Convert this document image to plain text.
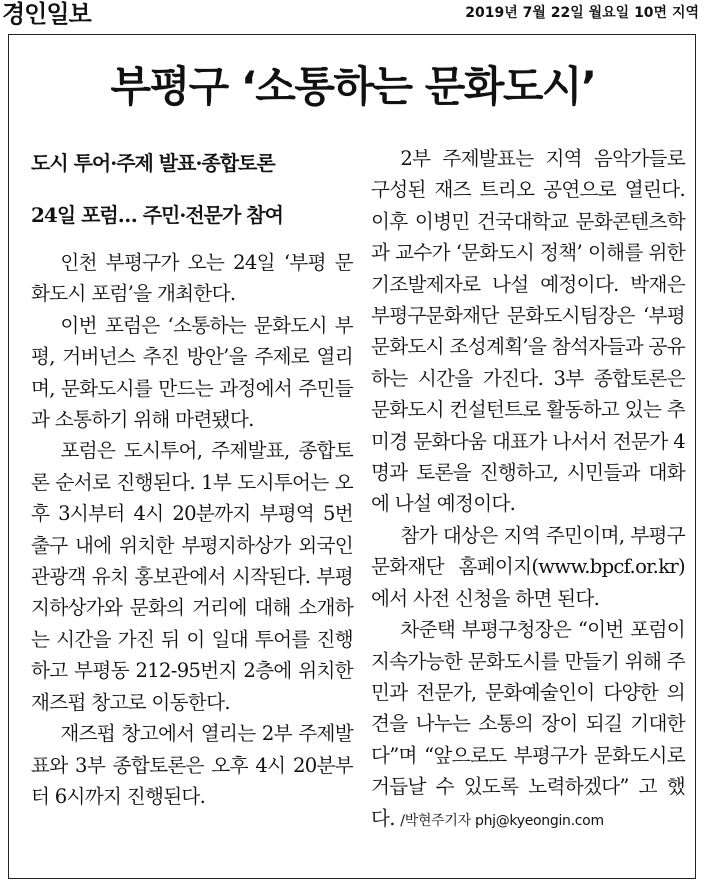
경인일보	2019년 7월 22일 월요일 10면 지역
부평구 ‘소통하는 문화도시’

도시 투어·주제 발표·종합토론

24일 포럼… 주민·전문가 참여

인천 부평구가 오는 24일 ‘부평 문화도시 포럼’을 개최한다.

이번 포럼은 ‘소통하는 문화도시 부평, 거버넌스 추진 방안’을 주제로 열리며, 문화도시를 만드는 과정에서 주민들과 소통하기 위해 마련됐다.

포럼은 도시투어, 주제발표, 종합토론 순서로 진행된다. 1부 도시투어는 오후 3시부터 4시 20분까지 부평역 5번 출구 내에 위치한 부평지하상가 외국인 관광객 유치 홍보관에서 시작된다. 부평지하상가와 문화의 거리에 대해 소개하는 시간을 가진 뒤 이 일대 투어를 진행하고 부평동 212-95번지 2층에 위치한 재즈펍 창고로 이동한다.

재즈펍 창고에서 열리는 2부 주제발표와 3부 종합토론은 오후 4시 20분부터 6시까지 진행된다.

2부 주제발표는 지역 음악가들로 구성된 재즈 트리오 공연으로 열린다. 이후 이병민 건국대학교 문화콘텐츠학과 교수가 ‘문화도시 정책’ 이해를 위한 기조발제자로 나설 예정이다. 박재은 부평구문화재단 문화도시팀장은 ‘부평 문화도시 조성계획’을 참석자들과 공유하는 시간을 가진다. 3부 종합토론은 문화도시 컨설턴트로 활동하고 있는 추미경 문화다움 대표가 나서서 전문가 4명과 토론을 진행하고, 시민들과 대화에 나설 예정이다.

참가 대상은 지역 주민이며, 부평구문화재단 홈페이지(www.bpcf.or.kr)에서 사전 신청을 하면 된다.

차준택 부평구청장은 “이번 포럼이 지속가능한 문화도시를 만들기 위해 주민과 전문가, 문화예술인이 다양한 의견을 나누는 소통의 장이 되길 기대한다”며 “앞으로도 부평구가 문화도시로 거듭날 수 있도록 노력하겠다” 고 했다. /박현주기자 phj@kyeongin.com
